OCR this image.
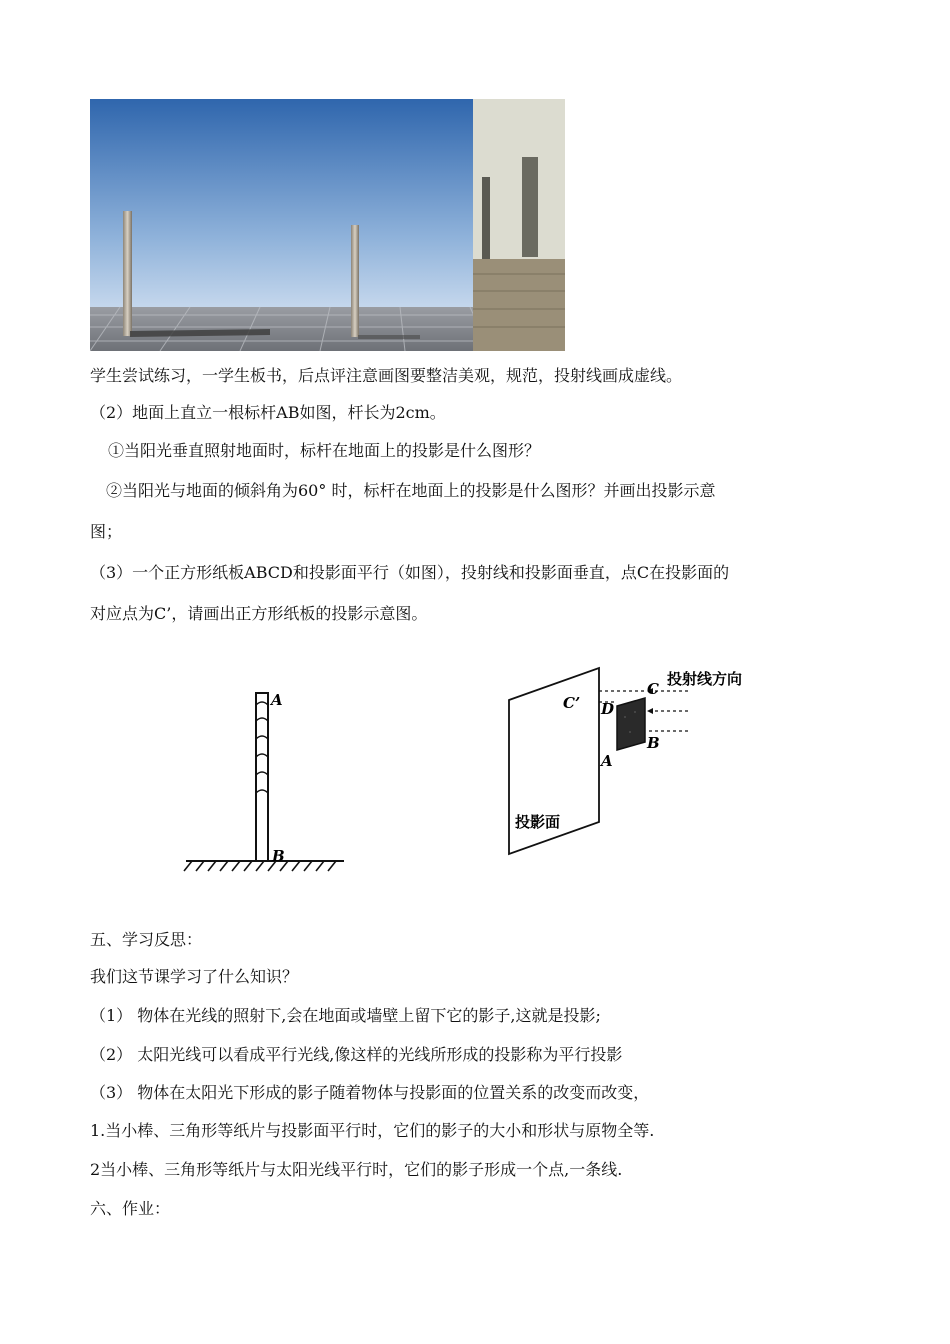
学生尝试练习，一学生板书，后点评注意画图要整洁美观，规范，投射线画成虚线。
（2）地面上直立一根标杆AB如图，杆长为2cm。
①当阳光垂直照射地面时，标杆在地面上的投影是什么图形？
②当阳光与地面的倾斜角为60° 时，标杆在地面上的投影是什么图形？并画出投影示意
图；
（3）一个正方形纸板ABCD和投影面平行（如图），投射线和投影面垂直，点C在投影面的
对应点为C’，请画出正方形纸板的投影示意图。
A
B
投射线方向
投影面
C’
C
D
B
A
五、学习反思：
我们这节课学习了什么知识？
（1） 物体在光线的照射下,会在地面或墙壁上留下它的影子,这就是投影;
（2） 太阳光线可以看成平行光线,像这样的光线所形成的投影称为平行投影
（3） 物体在太阳光下形成的影子随着物体与投影面的位置关系的改变而改变，
1.当小棒、三角形等纸片与投影面平行时，它们的影子的大小和形状与原物全等.
2当小棒、三角形等纸片与太阳光线平行时，它们的影子形成一个点,一条线.
六、作业：
